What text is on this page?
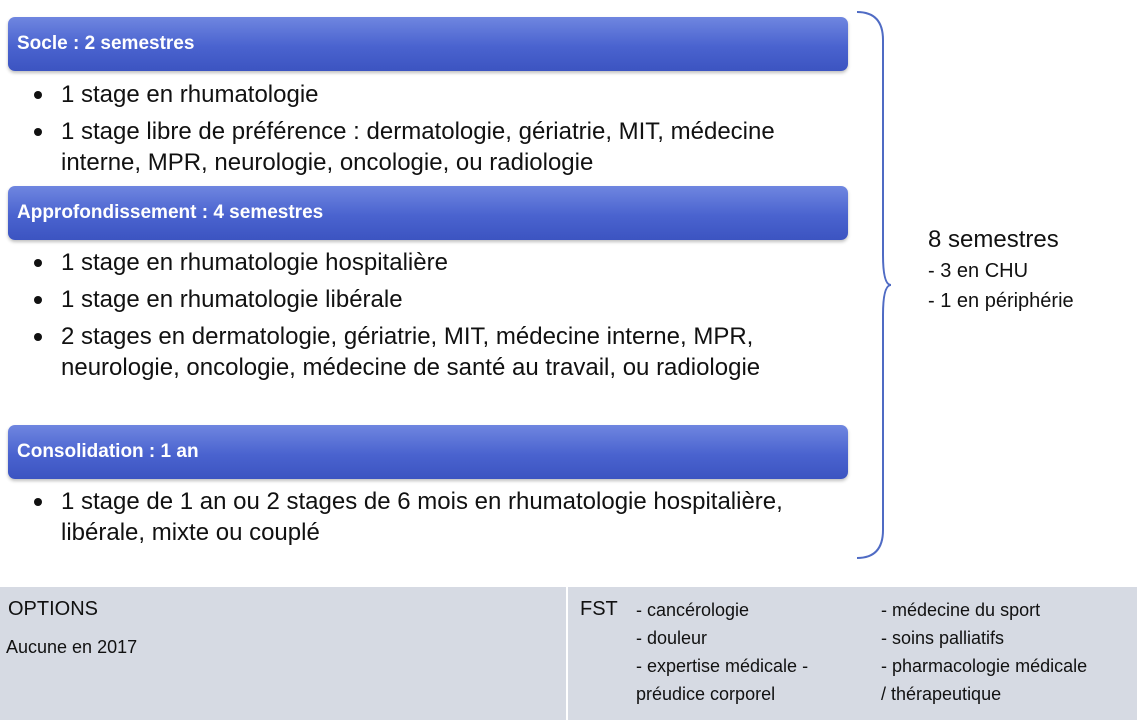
Socle : 2 semestres
1 stage en rhumatologie
1 stage libre de préférence : dermatologie, gériatrie, MIT, médecine interne, MPR, neurologie, oncologie, ou radiologie
Approfondissement : 4 semestres
1 stage en rhumatologie hospitalière
1 stage en rhumatologie libérale
2 stages en dermatologie, gériatrie, MIT, médecine interne, MPR, neurologie, oncologie, médecine de santé au travail, ou radiologie
Consolidation : 1 an
1 stage de 1 an ou 2 stages de 6 mois en rhumatologie hospitalière, libérale, mixte ou couplé
8 semestres
- 3 en CHU
- 1 en périphérie
OPTIONS
Aucune en 2017
FST - cancérologie
- douleur
- expertise médicale -
préudice corporel
- médecine du sport
- soins palliatifs
- pharmacologie médicale
/ thérapeutique
